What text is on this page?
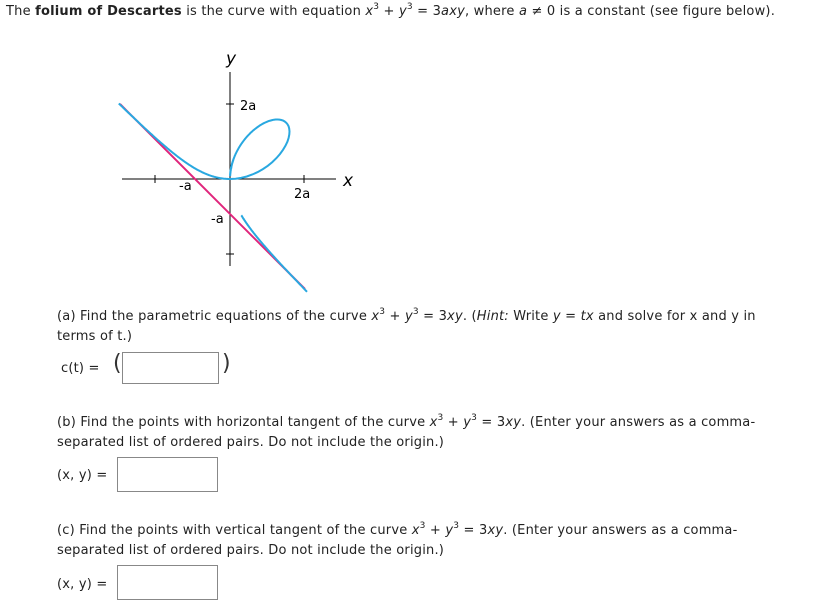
The folium of Descartes is the curve with equation $x^3 + y^3 = 3axy$, where a ≠ 0 is a constant (see figure below).
y
x
2a
2a
-a
-a
(a) Find the parametric equations of the curve $x^3 + y^3 = 3xy$. (Hint: Write y = tx and solve for x and y in
terms of t.)
c(t) = (	)
(b) Find the points with horizontal tangent of the curve $x^3 + y^3 = 3xy$. (Enter your answers as a comma-
separated list of ordered pairs. Do not include the origin.)
(x, y) =
(c) Find the points with vertical tangent of the curve $x^3 + y^3 = 3xy$. (Enter your answers as a comma-
separated list of ordered pairs. Do not include the origin.)
(x, y) =
